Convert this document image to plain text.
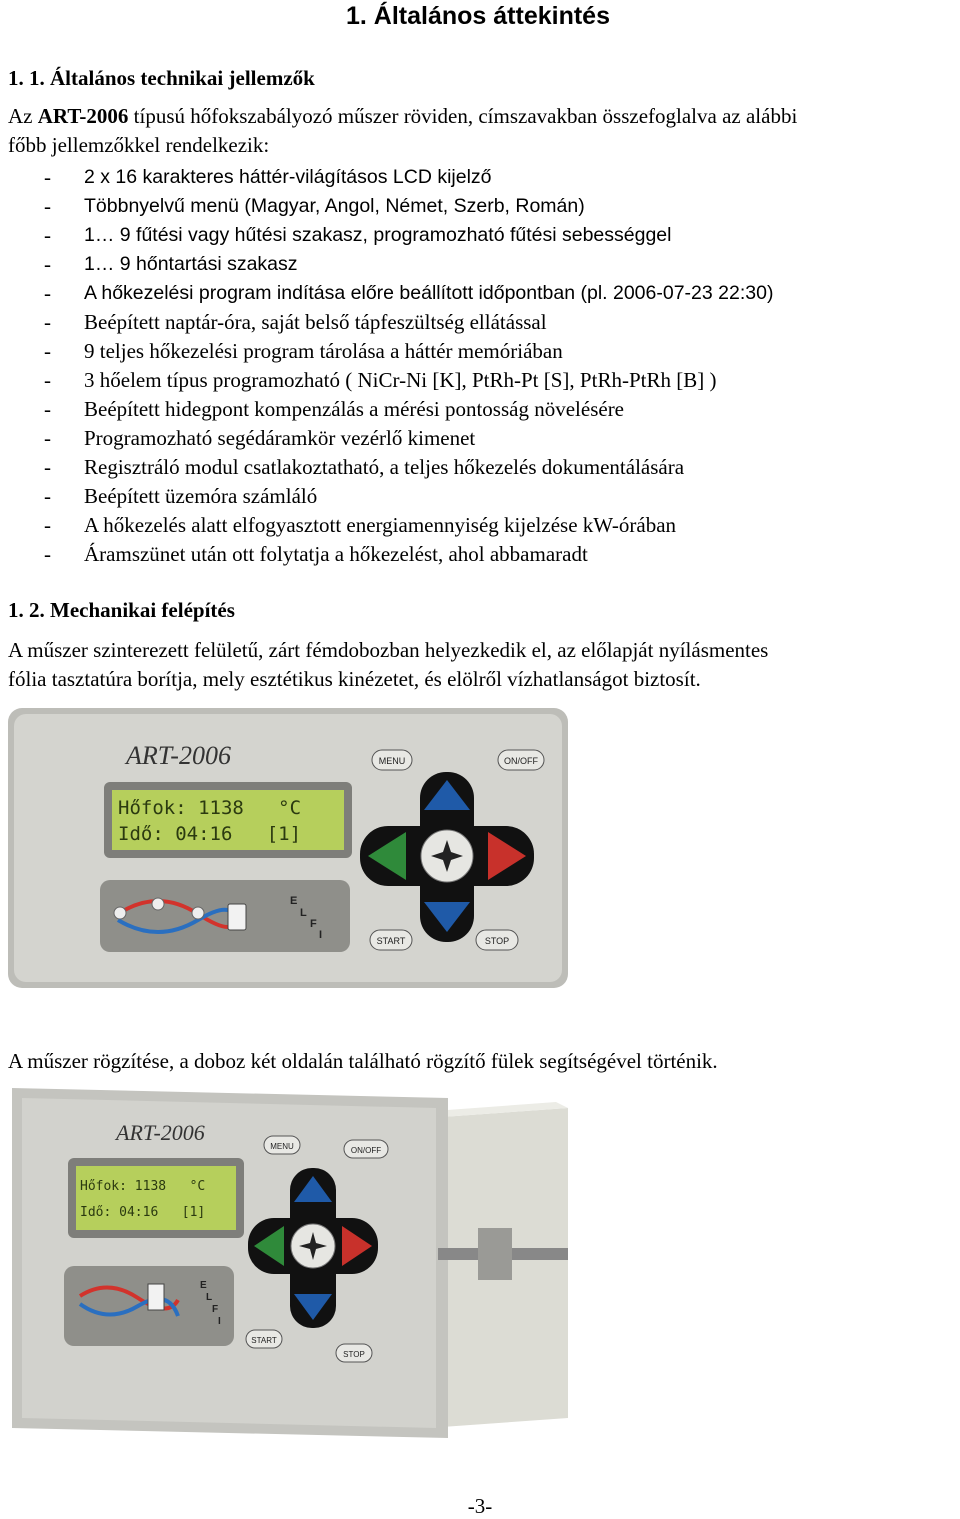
1. Általános áttekintés
1. 1. Általános technikai jellemzők
Az ART-2006 típusú hőfokszabályozó műszer röviden, címszavakban összefoglalva az alábbi
főbb jellemzőkkel rendelkezik:
- 2 x 16 karakteres háttér-világításos LCD kijelző
- Többnyelvű menü (Magyar, Angol, Német, Szerb, Román)
- 1… 9 fűtési vagy hűtési szakasz, programozható fűtési sebességgel
- 1… 9 hőntartási szakasz
- A hőkezelési program indítása előre beállított időpontban (pl. 2006-07-23 22:30)
- Beépített naptár-óra, saját belső tápfeszültség ellátással
- 9 teljes hőkezelési program tárolása a háttér memóriában
- 3 hőelem típus programozható ( NiCr-Ni [K], PtRh-Pt [S], PtRh-PtRh [B] )
- Beépített hidegpont kompenzálás a mérési pontosság növelésére
- Programozható segédáramkör vezérlő kimenet
- Regisztráló modul csatlakoztatható, a teljes hőkezelés dokumentálására
- Beépített üzemóra számláló
- A hőkezelés alatt elfogyasztott energiamennyiség kijelzése kW-órában
- Áramszünet után ott folytatja a hőkezelést, ahol abbamaradt
1. 2. Mechanikai felépítés
A műszer szinterezett felületű, zárt fémdobozban helyezkedik el, az előlapját nyílásmentes
fólia tasztatúra borítja, mely esztétikus kinézetet, és elölről vízhatlanságot biztosít.
ART-2006
Hőfok: 1138   °C
Idő: 04:16   [1]
E
L
F
I
MENU	ON/OFF
START	STOP
A műszer rögzítése, a doboz két oldalán található rögzítő fülek segítségével történik.
ART-2006
Hőfok: 1138   °C
Idő: 04:16   [1]
E
L
F
I
MENU	ON/OFF
START
STOP
-3-
